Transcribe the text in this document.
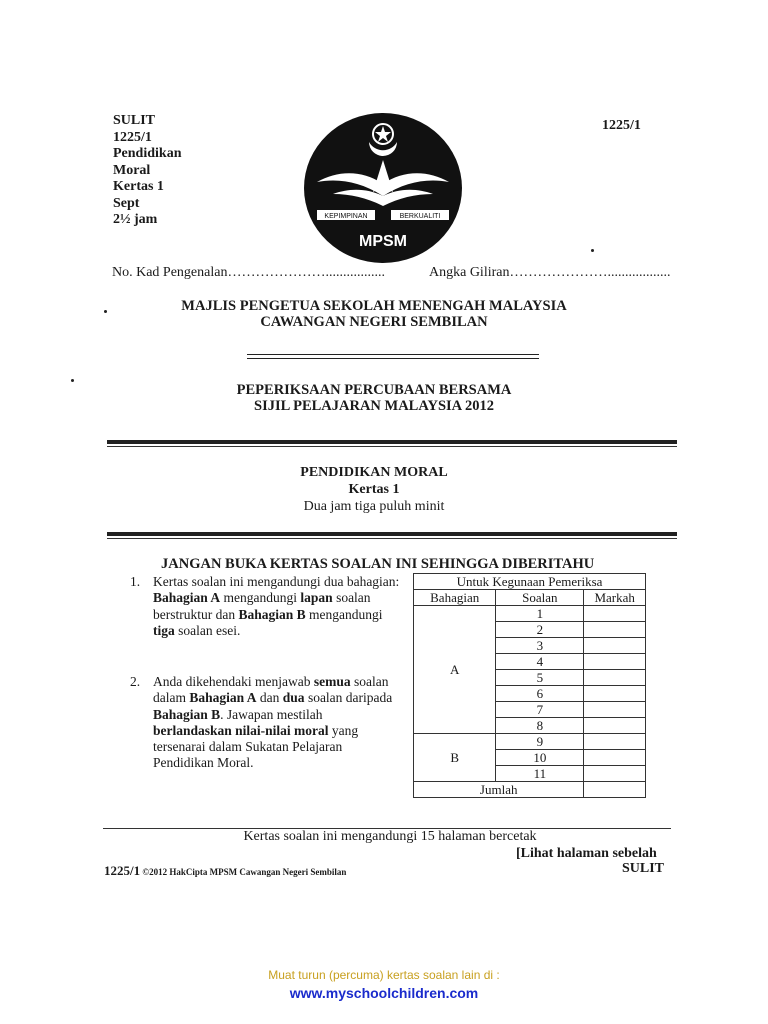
SULIT
1225/1
Pendidikan
Moral
Kertas 1
Sept
2½ jam
1225/1
KEPIMPINAN	BERKUALITI
MPSM
No. Kad Pengenalan………………….................	Angka Giliran…………………..................
MAJLIS PENGETUA SEKOLAH MENENGAH MALAYSIA
CAWANGAN NEGERI SEMBILAN
PEPERIKSAAN PERCUBAAN BERSAMA
SIJIL PELAJARAN MALAYSIA 2012
PENDIDIKAN MORAL
Kertas 1
Dua jam tiga puluh minit
JANGAN BUKA KERTAS SOALAN INI SEHINGGA DIBERITAHU
1. Kertas soalan ini mengandungi dua bahagian: Bahagian A mengandungi lapan soalan berstruktur dan Bahagian B mengandungi tiga soalan esei.
2. Anda dikehendaki menjawab semua soalan dalam Bahagian A dan dua soalan daripada Bahagian B. Jawapan mestilah berlandaskan nilai-nilai moral yang tersenarai dalam Sukatan Pelajaran Pendidikan Moral.
Untuk Kegunaan Pemeriksa		
Bahagian	Soalan	Markah
A	1	
	2	
	3	
	4	
	5	
	6	
	7	
	8	
B	9	
	10	
	11	
Jumlah		
Kertas soalan ini mengandungi 15 halaman bercetak
[Lihat halaman sebelah
SULIT
1225/1 ©2012 HakCipta MPSM Cawangan Negeri Sembilan
Muat turun (percuma) kertas soalan lain di :
www.myschoolchildren.com
